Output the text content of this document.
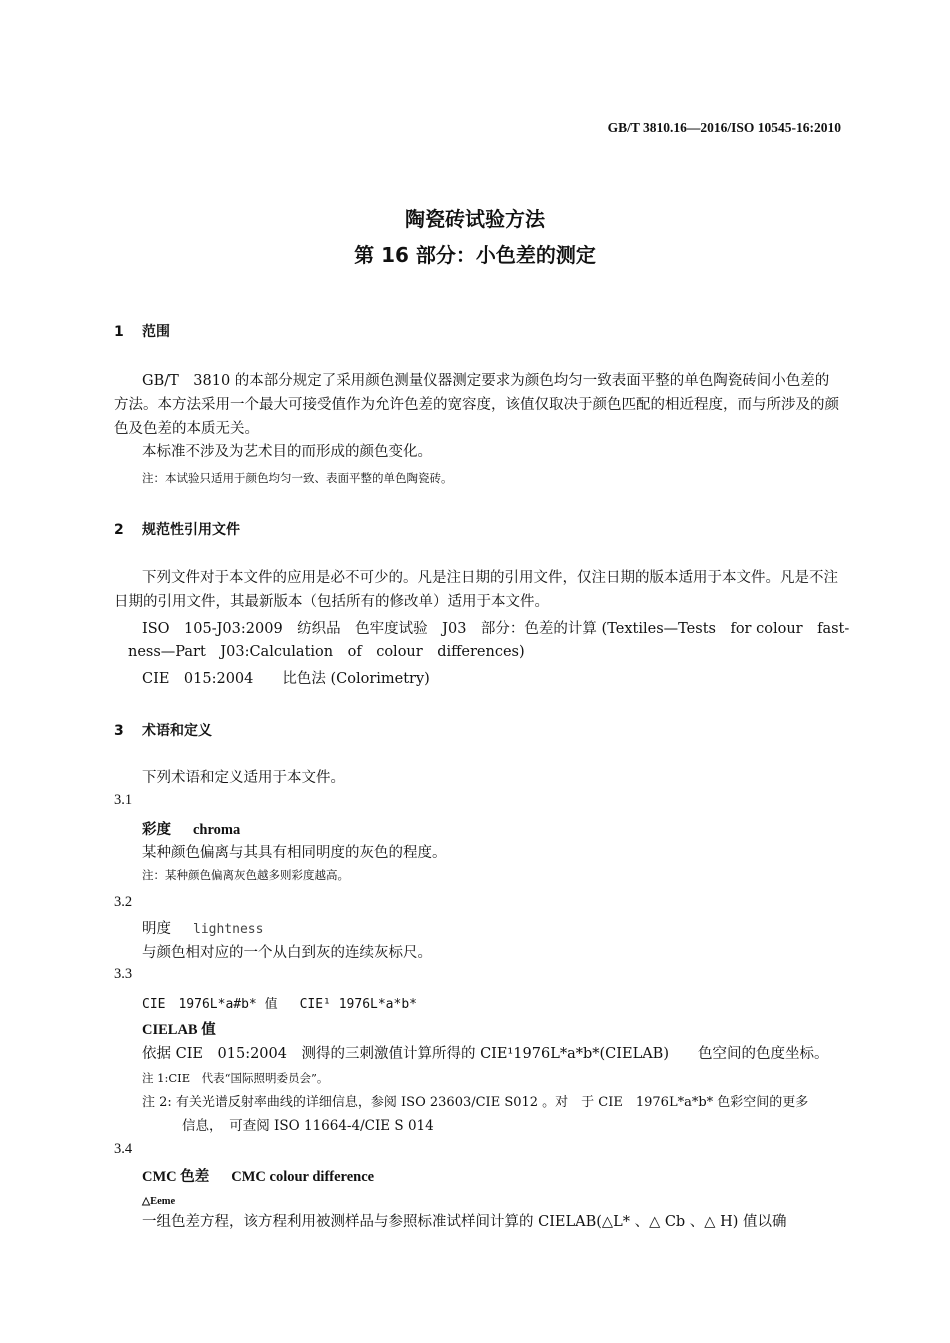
GB/T 3810.16—2016/ISO 10545-16:2010
陶瓷砖试验方法
第 16 部分：小色差的测定
1 范围
GB/T　3810 的本部分规定了采用颜色测量仪器测定要求为颜色均匀一致表面平整的单色陶瓷砖间小色差的方法。本方法采用一个最大可接受值作为允许色差的宽容度，该值仅取决于颜色匹配的相近程度，而与所涉及的颜色及色差的本质无关。
本标准不涉及为艺术目的而形成的颜色变化。
注：本试验只适用于颜色均匀一致、表面平整的单色陶瓷砖。
2 规范性引用文件
下列文件对于本文件的应用是必不可少的。凡是注日期的引用文件，仅注日期的版本适用于本文件。凡是不注日期的引用文件，其最新版本（包括所有的修改单）适用于本文件。
ISO　105-J03:2009　纺织品　色牢度试验　J03　部分：色差的计算 (Textiles—Tests　for colour　fast-
ness—Part　J03:Calculation　of　colour　differences)
CIE　015:2004　　比色法 (Colorimetry)
3 术语和定义
下列术语和定义适用于本文件。
3.1
彩度 chroma
某种颜色偏离与其具有相同明度的灰色的程度。
注：某种颜色偏离灰色越多则彩度越高。
3.2
明度 lightness
与颜色相对应的一个从白到灰的连续灰标尺。
3.3
CIE　1976L*a#b* 值 CIE¹ 1976L*a*b*
CIELAB 值
依据 CIE　015:2004　测得的三刺激值计算所得的 CIE¹1976L*a*b*(CIELAB)　　色空间的色度坐标。
注 1:CIE　代表“国际照明委员会”。
注 2: 有关光谱反射率曲线的详细信息，参阅 ISO 23603/CIE S012 。对　于 CIE　1976L*a*b* 色彩空间的更多
信息，　可查阅 ISO 11664-4/CIE S 014
3.4
CMC 色差 CMC colour difference
△Eeme
一组色差方程，该方程利用被测样品与参照标准试样间计算的 CIELAB(△L* 、△ Cb 、△ H) 值以确
